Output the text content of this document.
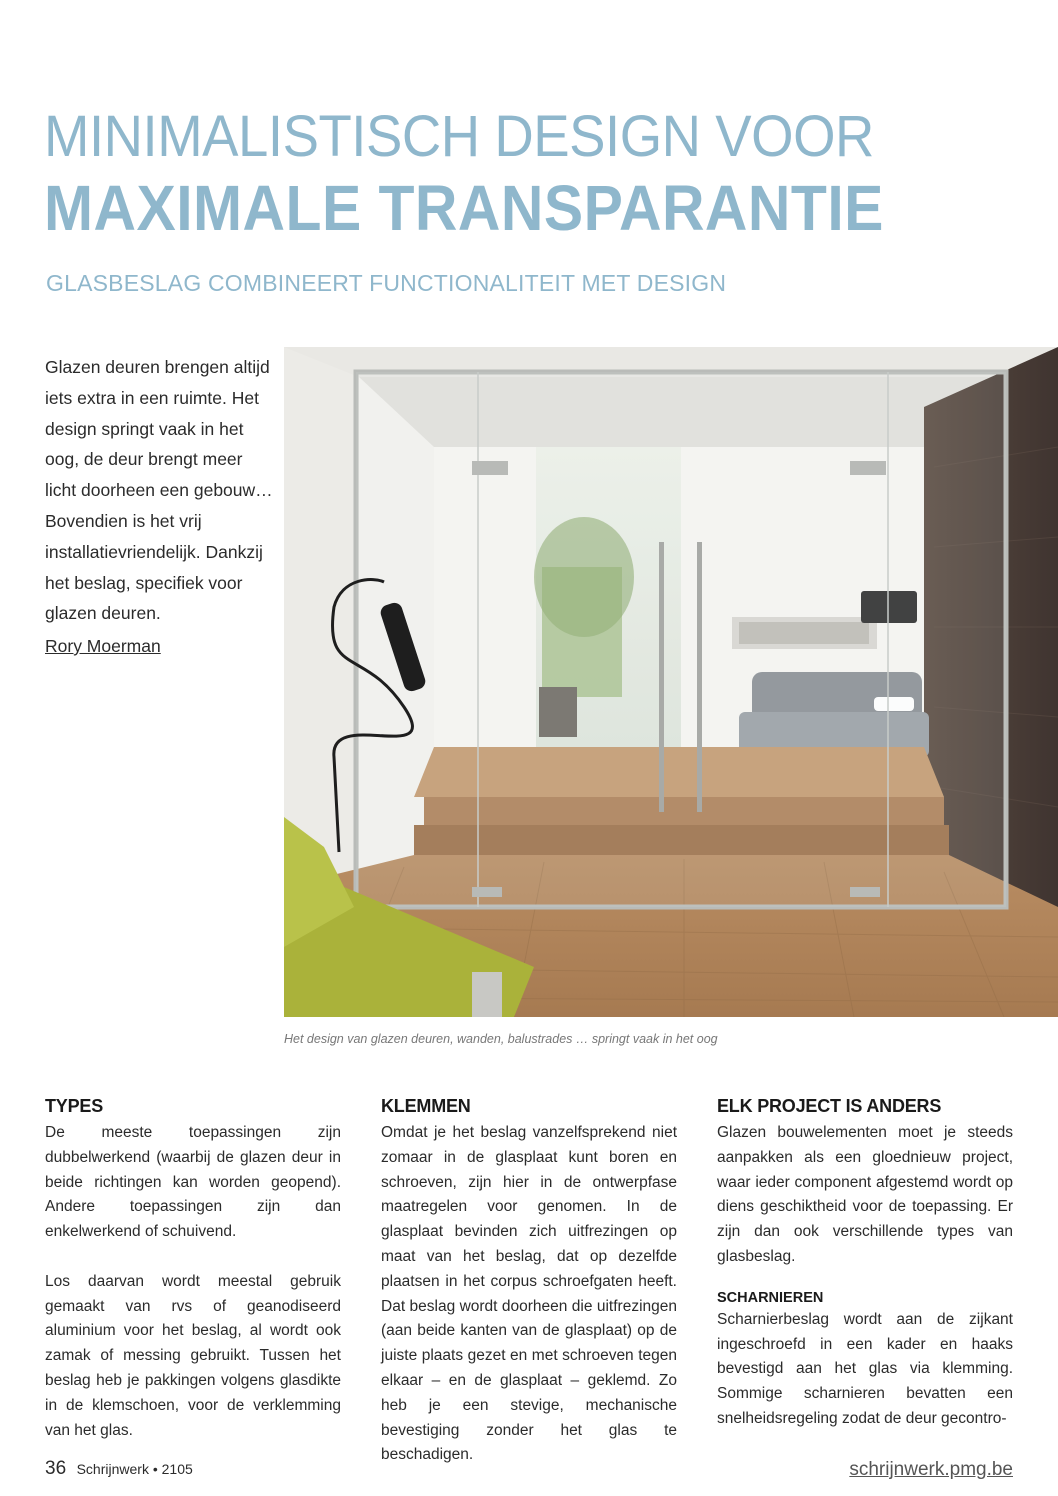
MINIMALISTISCH DESIGN VOOR
MAXIMALE TRANSPARANTIE
GLASBESLAG COMBINEERT FUNCTIONALITEIT MET DESIGN

Glazen deuren brengen altijd iets extra in een ruimte. Het design springt vaak in het oog, de deur brengt meer licht doorheen een gebouw… Bovendien is het vrij installatievriendelijk. Dankzij het beslag, specifiek voor glazen deuren.

Rory Moerman
Het design van glazen deuren, wanden, balustrades … springt vaak in het oog
TYPES

De meeste toepassingen zijn dubbelwerkend (waarbij de glazen deur in beide richtingen kan worden geopend). Andere toepassingen zijn dan enkelwerkend of schuivend.

Los daarvan wordt meestal gebruik gemaakt van rvs of geanodiseerd aluminium voor het beslag, al wordt ook zamak of messing gebruikt. Tussen het beslag heb je pakkingen volgens glasdikte in de klemschoen, voor de verklemming van het glas.

KLEMMEN

Omdat je het beslag vanzelfsprekend niet zomaar in de glasplaat kunt boren en schroeven, zijn hier in de ontwerpfase maatregelen voor genomen. In de glasplaat bevinden zich uitfrezingen op maat van het beslag, dat op dezelfde plaatsen in het corpus schroefgaten heeft. Dat beslag wordt doorheen die uitfrezingen (aan beide kanten van de glasplaat) op de juiste plaats gezet en met schroeven tegen elkaar – en de glasplaat – geklemd. Zo heb je een stevige, mechanische bevestiging zonder het glas te beschadigen.

ELK PROJECT IS ANDERS

Glazen bouwelementen moet je steeds aanpakken als een gloednieuw project, waar ieder component afgestemd wordt op diens geschiktheid voor de toepassing. Er zijn dan ook verschillende types van glasbeslag.

SCHARNIEREN

Scharnierbeslag wordt aan de zijkant ingeschroefd in een kader en haaks bevestigd aan het glas via klemming. Sommige scharnieren bevatten een snelheidsregeling zodat de deur gecontro-

36 Schrijnwerk • 2105	schrijnwerk.pmg.be
